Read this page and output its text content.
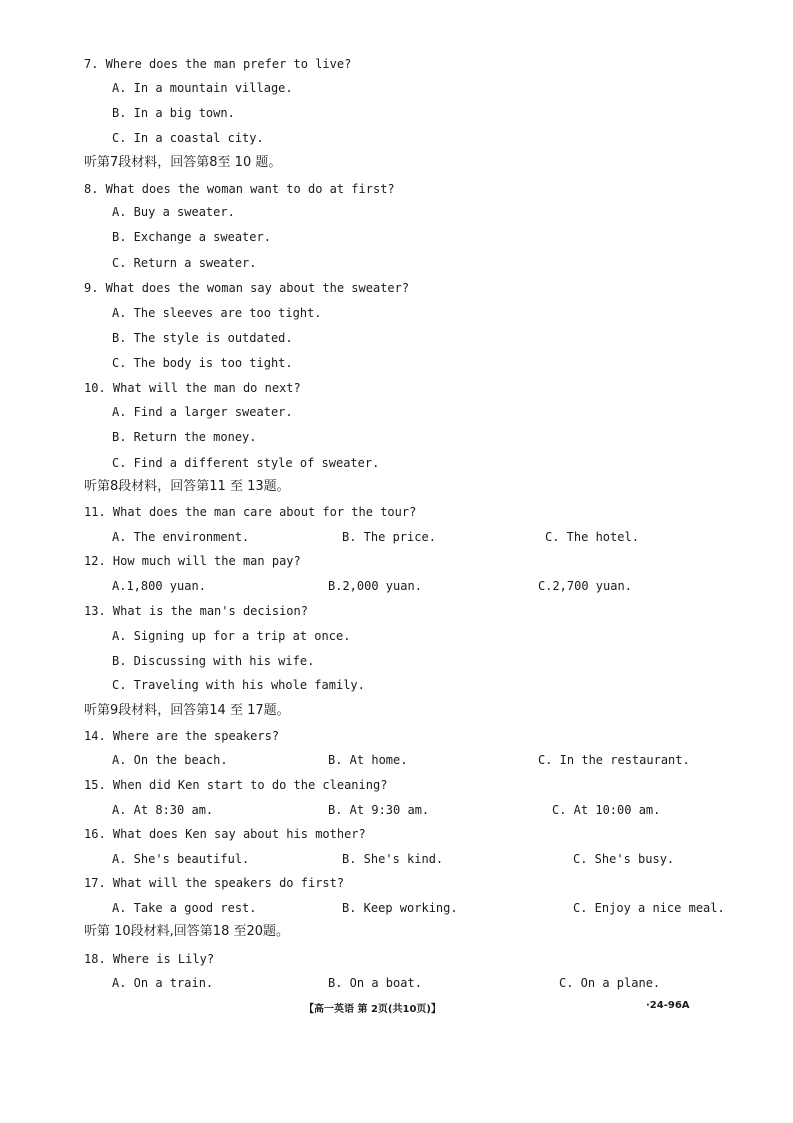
7. Where does the man prefer to live?
A. In a mountain village.
B. In a big town.
C. In a coastal city.
听第7段材料，回答第8至 10 题。
8. What does the woman want to do at first?
A. Buy a sweater.
B. Exchange a sweater.
C. Return a sweater.
9. What does the woman say about the sweater?
A. The sleeves are too tight.
B. The style is outdated.
C. The body is too tight.
10. What will the man do next?
A. Find a larger sweater.
B. Return the money.
C. Find a different style of sweater.
听第8段材料，回答第11 至 13题。
11. What does the man care about for the tour?
A. The environment.	B. The price.	C. The hotel.
12. How much will the man pay?
A.1,800 yuan.	B.2,000 yuan.	C.2,700 yuan.
13. What is the man's decision?
A. Signing up for a trip at once.
B. Discussing with his wife.
C. Traveling with his whole family.
听第9段材料，回答第14 至 17题。
14. Where are the speakers?
A. On the beach.	B. At home.	C. In the restaurant.
15. When did Ken start to do the cleaning?
A. At 8:30 am.	B. At 9:30 am.	C. At 10:00 am.
16. What does Ken say about his mother?
A. She's beautiful.	B. She's kind.	C. She's busy.
17. What will the speakers do first?
A. Take a good rest.	B. Keep working.	C. Enjoy a nice meal.
听第 10段材料,回答第18 至20题。
18. Where is Lily?
A. On a train.	B. On a boat.	C. On a plane.
【高一英语 第 2页(共10页)】	·24-96A
